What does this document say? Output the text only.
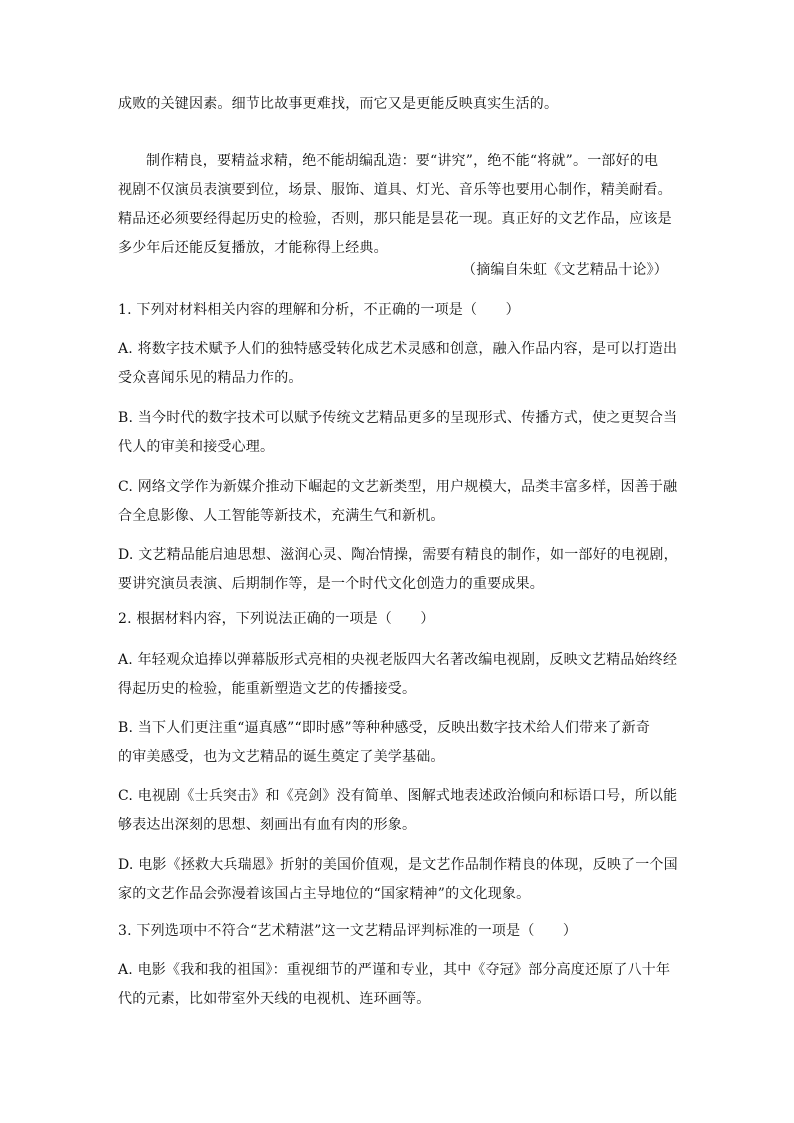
成败的关键因素。细节比故事更难找，而它又是更能反映真实生活的。

制作精良，要精益求精，绝不能胡编乱造：要“讲究”，绝不能“将就”。一部好的电

视剧不仅演员表演要到位，场景、服饰、道具、灯光、音乐等也要用心制作，精美耐看。
精品还必须要经得起历史的检验，否则，那只能是昙花一现。真正好的文艺作品，应该是
多少年后还能反复播放，才能称得上经典。

（摘编自朱虹《文艺精品十论》）

1. 下列对材料相关内容的理解和分析，不正确的一项是（　　）

A. 将数字技术赋予人们的独特感受转化成艺术灵感和创意，融入作品内容，是可以打造出
受众喜闻乐见的精品力作的。

B. 当今时代的数字技术可以赋予传统文艺精品更多的呈现形式、传播方式，使之更契合当
代人的审美和接受心理。

C. 网络文学作为新媒介推动下崛起的文艺新类型，用户规模大，品类丰富多样，因善于融
合全息影像、人工智能等新技术，充满生气和新机。

D. 文艺精品能启迪思想、滋润心灵、陶冶情操，需要有精良的制作，如一部好的电视剧，
要讲究演员表演、后期制作等，是一个时代文化创造力的重要成果。

2. 根据材料内容，下列说法正确的一项是（　　）

A. 年轻观众追捧以弹幕版形式亮相的央视老版四大名著改编电视剧，反映文艺精品始终经
得起历史的检验，能重新塑造文艺的传播接受。

B. 当下人们更注重“逼真感”“即时感”等种种感受，反映出数字技术给人们带来了新奇
的审美感受，也为文艺精品的诞生奠定了美学基础。

C. 电视剧《士兵突击》和《亮剑》没有简单、图解式地表述政治倾向和标语口号，所以能
够表达出深刻的思想、刻画出有血有肉的形象。

D. 电影《拯救大兵瑞恩》折射的美国价值观，是文艺作品制作精良的体现，反映了一个国
家的文艺作品会弥漫着该国占主导地位的“国家精神”的文化现象。

3. 下列选项中不符合“艺术精湛”这一文艺精品评判标准的一项是（　　）

A. 电影《我和我的祖国》：重视细节的严谨和专业，其中《夺冠》部分高度还原了八十年
代的元素，比如带室外天线的电视机、连环画等。
